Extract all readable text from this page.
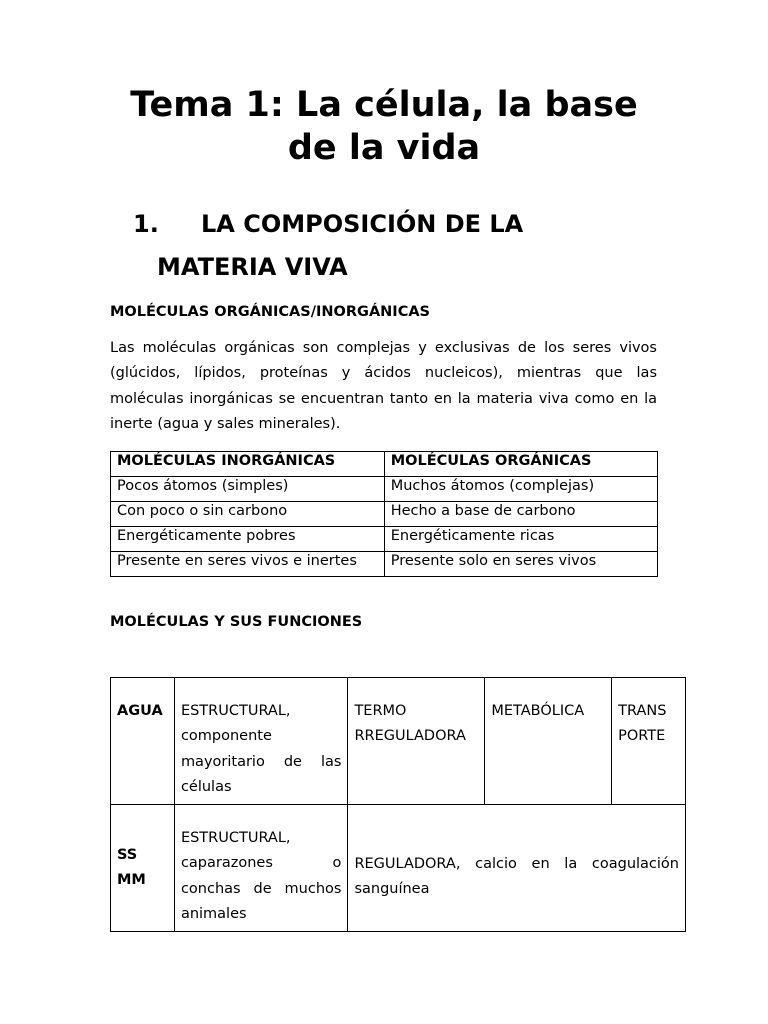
Tema 1: La célula, la base de la vida
1. LA COMPOSICIÓN DE LA
MATERIA VIVA

MOLÉCULAS ORGÁNICAS/INORGÁNICAS

Las moléculas orgánicas son complejas y exclusivas de los seres vivos (glúcidos, lípidos, proteínas y ácidos nucleicos), mientras que las moléculas inorgánicas se encuentran tanto en la materia viva como en la inerte (agua y sales minerales).

MOLÉCULAS INORGÁNICAS	MOLÉCULAS ORGÁNICAS
Pocos átomos (simples)	Muchos átomos (complejas)
Con poco o sin carbono	Hecho a base de carbono
Energéticamente pobres	Energéticamente ricas
Presente en seres vivos e inertes	Presente solo en seres vivos

MOLÉCULAS Y SUS FUNCIONES

AGUA	ESTRUCTURAL, componente mayoritario de las células	TERMO RREGULADORA	METABÓLICA	TRANS PORTE
SS MM	ESTRUCTURAL, caparazones o conchas de muchos animales	REGULADORA, calcio en la coagulación sanguínea		
